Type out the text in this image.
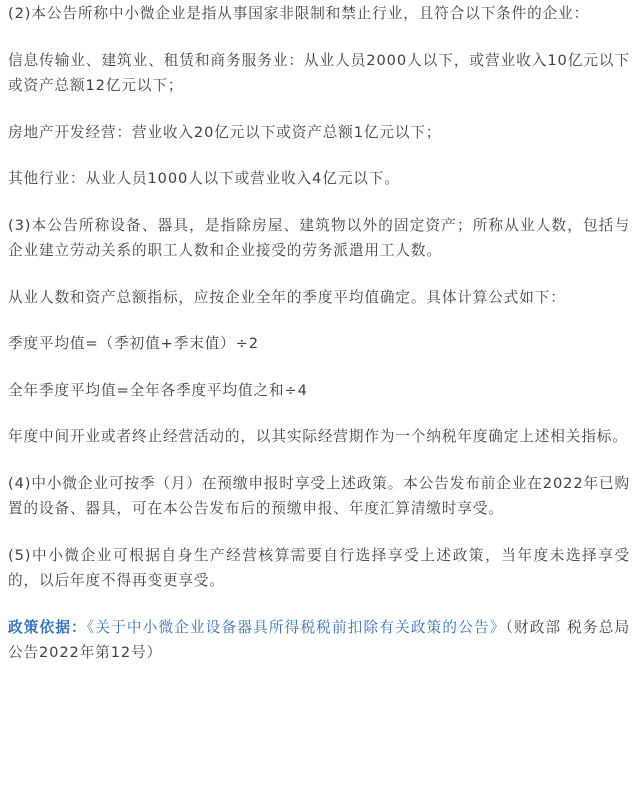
(2)本公告所称中小微企业是指从事国家非限制和禁止行业，且符合以下条件的企业：

信息传输业、建筑业、租赁和商务服务业：从业人员2000人以下，或营业收入10亿元以下或资产总额12亿元以下；

房地产开发经营：营业收入20亿元以下或资产总额1亿元以下；

其他行业：从业人员1000人以下或营业收入4亿元以下。

(3)本公告所称设备、器具，是指除房屋、建筑物以外的固定资产；所称从业人数，包括与企业建立劳动关系的职工人数和企业接受的劳务派遣用工人数。

从业人数和资产总额指标，应按企业全年的季度平均值确定。具体计算公式如下：

季度平均值=（季初值+季末值）÷2

全年季度平均值=全年各季度平均值之和÷4

年度中间开业或者终止经营活动的，以其实际经营期作为一个纳税年度确定上述相关指标。

(4)中小微企业可按季（月）在预缴申报时享受上述政策。本公告发布前企业在2022年已购置的设备、器具，可在本公告发布后的预缴申报、年度汇算清缴时享受。

(5)中小微企业可根据自身生产经营核算需要自行选择享受上述政策，当年度未选择享受的，以后年度不得再变更享受。

政策依据：《关于中小微企业设备器具所得税税前扣除有关政策的公告》（财政部 税务总局公告2022年第12号）
